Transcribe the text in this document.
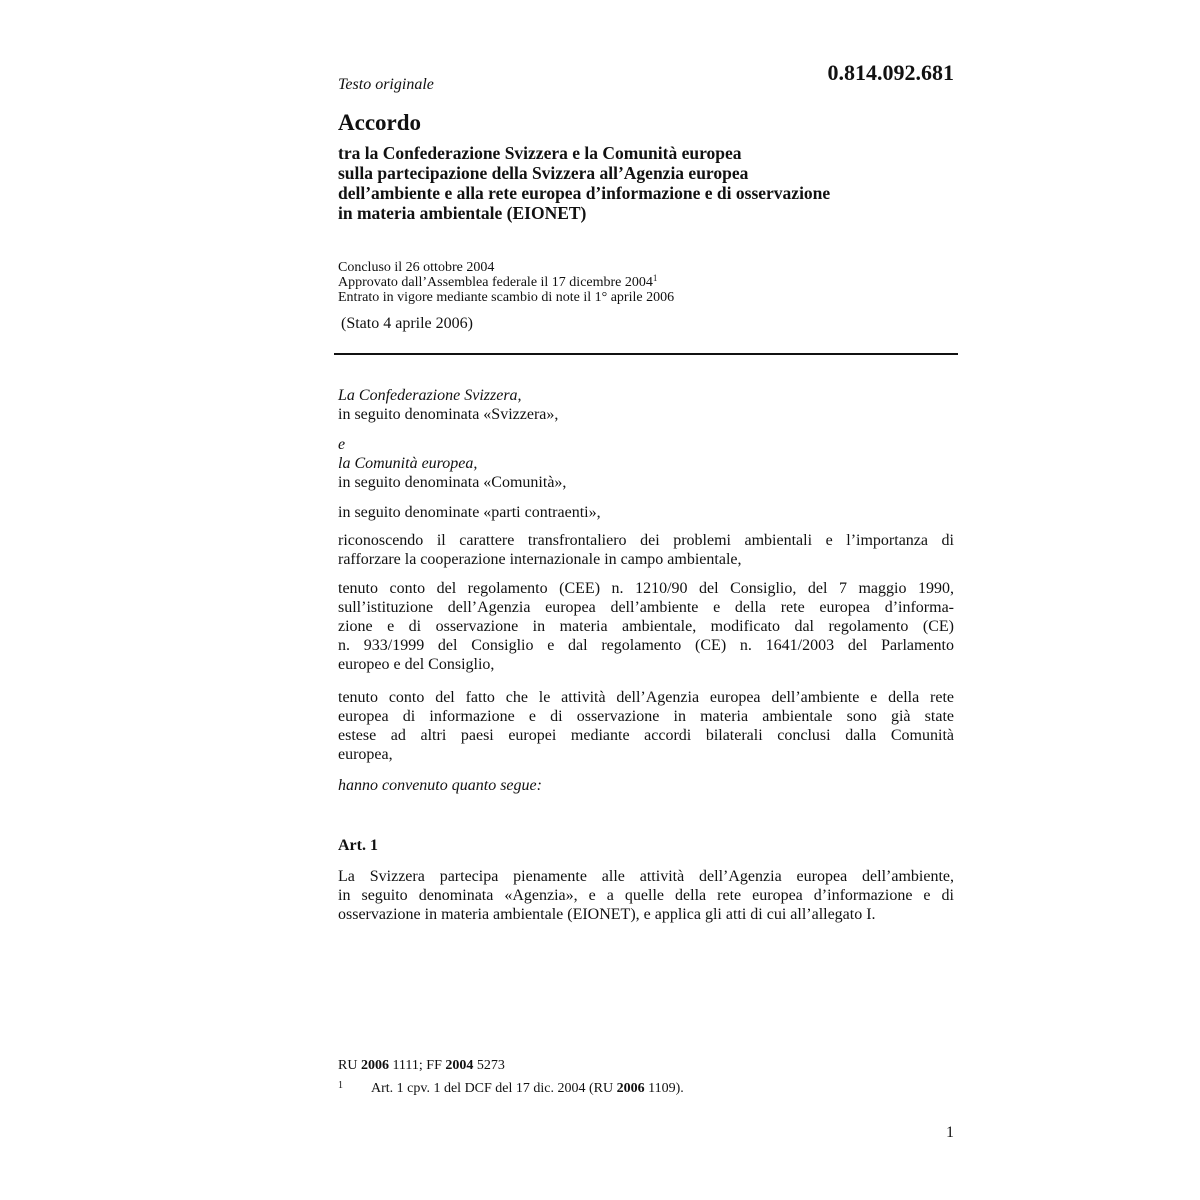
Testo originale	0.814.092.681
Accordo
tra la Confederazione Svizzera e la Comunità europea
sulla partecipazione della Svizzera all’Agenzia europea
dell’ambiente e alla rete europea d’informazione e di osservazione
in materia ambientale (EIONET)
Concluso il 26 ottobre 2004
Approvato dall’Assemblea federale il 17 dicembre 2004$^1$
Entrato in vigore mediante scambio di note il 1° aprile 2006
(Stato 4 aprile 2006)
La Confederazione Svizzera,
in seguito denominata «Svizzera»,
e
la Comunità europea,
in seguito denominata «Comunità»,
in seguito denominate «parti contraenti»,
riconoscendo il carattere transfrontaliero dei problemi ambientali e l’importanza di
rafforzare la cooperazione internazionale in campo ambientale,
tenuto conto del regolamento (CEE) n. 1210/90 del Consiglio, del 7 maggio 1990,
sull’istituzione dell’Agenzia europea dell’ambiente e della rete europea d’informa-
zione e di osservazione in materia ambientale, modificato dal regolamento (CE)
n. 933/1999 del Consiglio e dal regolamento (CE) n. 1641/2003 del Parlamento
europeo e del Consiglio,
tenuto conto del fatto che le attività dell’Agenzia europea dell’ambiente e della rete
europea di informazione e di osservazione in materia ambientale sono già state
estese ad altri paesi europei mediante accordi bilaterali conclusi dalla Comunità
europea,
hanno convenuto quanto segue:
Art. 1
La Svizzera partecipa pienamente alle attività dell’Agenzia europea dell’ambiente,
in seguito denominata «Agenzia», e a quelle della rete europea d’informazione e di
osservazione in materia ambientale (EIONET), e applica gli atti di cui all’allegato I.
RU 2006 1111; FF 2004 5273
1 Art. 1 cpv. 1 del DCF del 17 dic. 2004 (RU 2006 1109).
1
